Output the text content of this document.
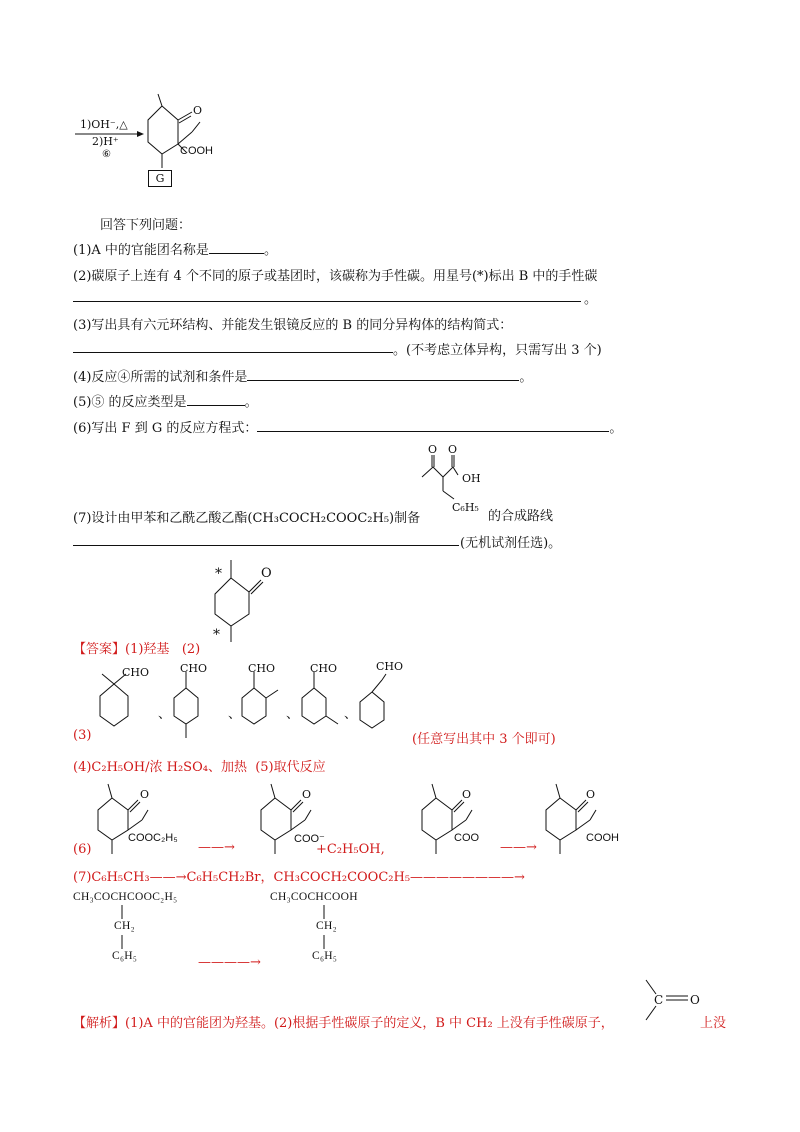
1)OH⁻,△
2)H⁺
⑥
O
COOH
G
回答下列问题：
(1)A 中的官能团名称是	。
(2)碳原子上连有 4 个不同的原子或基团时，该碳称为手性碳。用星号(*)标出 B 中的手性碳
。
(3)写出具有六元环结构、并能发生银镜反应的 B 的同分异构体的结构简式：
。(不考虑立体异构，只需写出 3 个)
(4)反应④所需的试剂和条件是	。
(5)⑤ 的反应类型是	。
(6)写出 F 到 G 的反应方程式：	。
O O
OH
C₆H₅
(7)设计由甲苯和乙酰乙酸乙酯(CH₃COCH₂COOC₂H₅)制备	的合成路线
(无机试剂任选)。
*
*
O
【答案】(1)羟基 (2)
CHO
、
CHO
、
CHO
、
CHO
、
CHO
(3)	(任意写出其中 3 个即可)
(4)C₂H₅OH/浓 H₂SO₄、加热 (5)取代反应
O
COOC₂H₅
——→
O
COO⁻
+C₂H₅OH,
O
COO
——→
O
COOH
(6)
(7)C₆H₅CH₃——→C₆H₅CH₂Br，CH₃COCH₂COOC₂H₅————————→
CH₃COCHCOOC₂H₅
CH₂
C₆H₅	————→
CH₃COCHCOOH
CH₂
C₆H₅
【解析】(1)A 中的官能团为羟基。(2)根据手性碳原子的定义，B 中 CH₂ 上没有手性碳原子，
C O
上没
